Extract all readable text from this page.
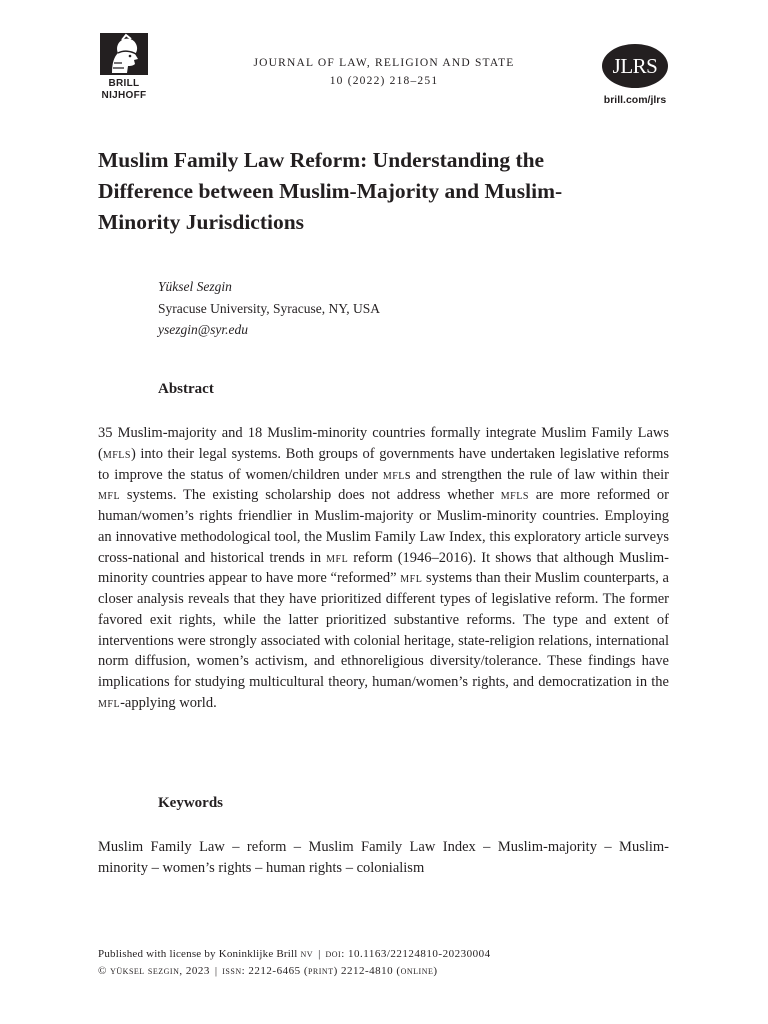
BRILL
NIJHOFF
JOURNAL OF LAW, RELIGION AND STATE
10 (2022) 218–251
JLRS
brill.com/jlrs
Muslim Family Law Reform: Understanding the Difference between Muslim-Majority and Muslim-Minority Jurisdictions
Yüksel Sezgin
Syracuse University, Syracuse, NY, USA
ysezgin@syr.edu
Abstract

35 Muslim-majority and 18 Muslim-minority countries formally integrate Muslim Family Laws (mfls) into their legal systems. Both groups of governments have undertaken legislative reforms to improve the status of women/children under mfls and strengthen the rule of law within their mfl systems. The existing scholarship does not address whether mfls are more reformed or human/women’s rights friendlier in Muslim-majority or Muslim-minority countries. Employing an innovative methodological tool, the Muslim Family Law Index, this exploratory article surveys cross-national and historical trends in mfl reform (1946–2016). It shows that although Muslim-minority countries appear to have more “reformed” mfl systems than their Muslim counterparts, a closer analysis reveals that they have prioritized different types of legislative reform. The former favored exit rights, while the latter prioritized substantive reforms. The type and extent of interventions were strongly associated with colonial heritage, state-religion relations, international norm diffusion, women’s activism, and ethnoreligious diversity/tolerance. These findings have implications for studying multicultural theory, human/women’s rights, and democratization in the mfl-applying world.

Keywords

Muslim Family Law – reform – Muslim Family Law Index – Muslim-majority – Muslim-minority – women’s rights – human rights – colonialism

Published with license by Koninklijke Brill nv | doi: 10.1163/22124810-20230004
© yüksel sezgin, 2023 | issn: 2212-6465 (print) 2212-4810 (online)
